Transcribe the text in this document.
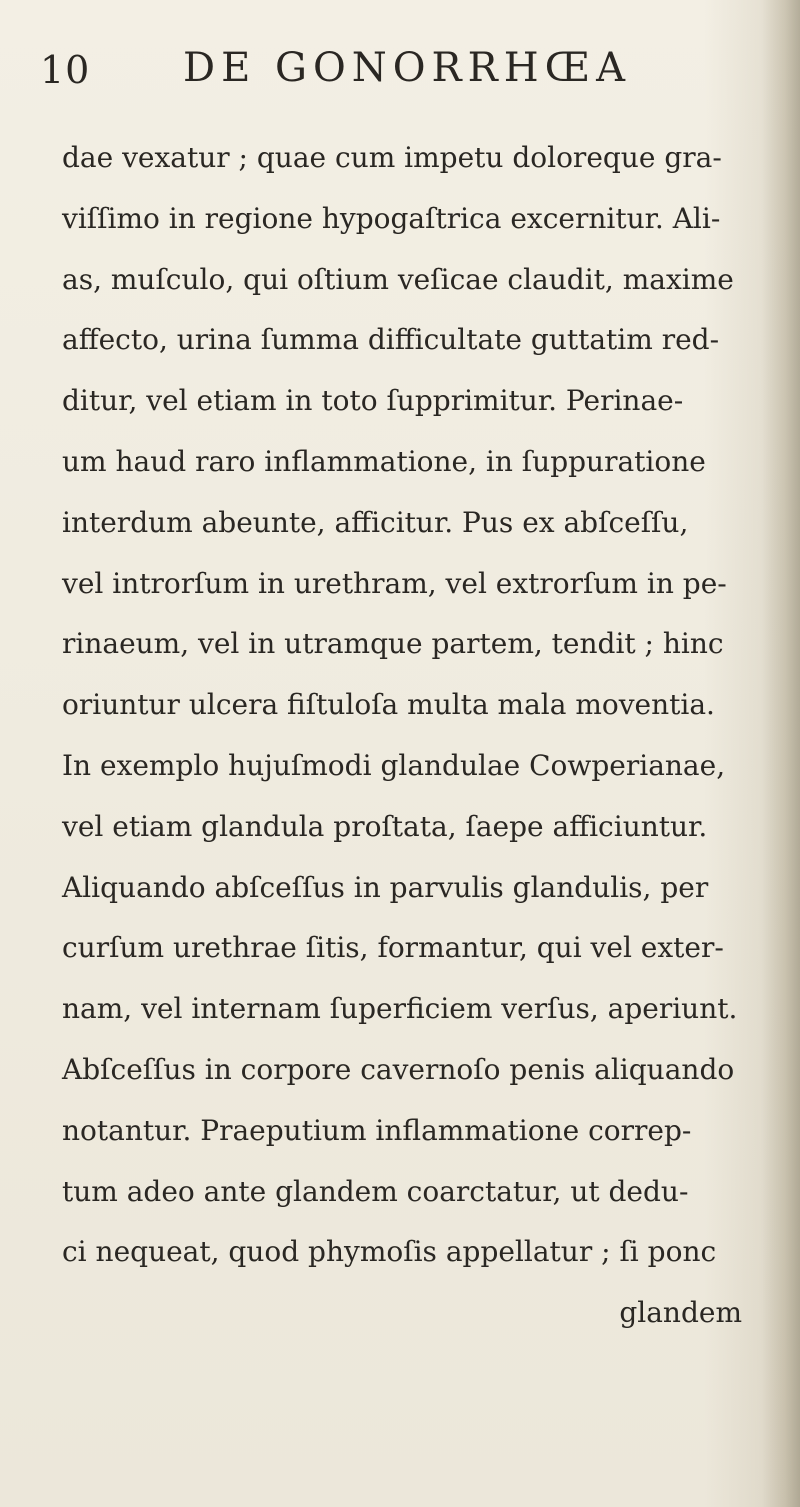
10 DE GONORRHŒA
dae vexatur ; quae cum impetu doloreque gra-
viſſimo in regione hypogaſtrica excernitur. Ali-
as, muſculo, qui oſtium veſicae claudit, maxime
affecto, urina ſumma difficultate guttatim red-
ditur, vel etiam in toto ſupprimitur. Perinae-
um haud raro inflammatione, in ſuppuratione
interdum abeunte, afficitur. Pus ex abſceſſu,
vel introrſum in urethram, vel extrorſum in pe-
rinaeum, vel in utramque partem, tendit ; hinc
oriuntur ulcera fiſtuloſa multa mala moventia.
In exemplo hujuſmodi glandulae Cowperianae,
vel etiam glandula proſtata, ſaepe afficiuntur.
Aliquando abſceſſus in parvulis glandulis, per
curſum urethrae ſitis, formantur, qui vel exter-
nam, vel internam ſuperficiem verſus, aperiunt.
Abſceſſus in corpore cavernoſo penis aliquando
notantur. Praeputium inflammatione correp-
tum adeo ante glandem coarctatur, ut dedu-
ci nequeat, quod phymoſis appellatur ; ſi ponc
glandem
